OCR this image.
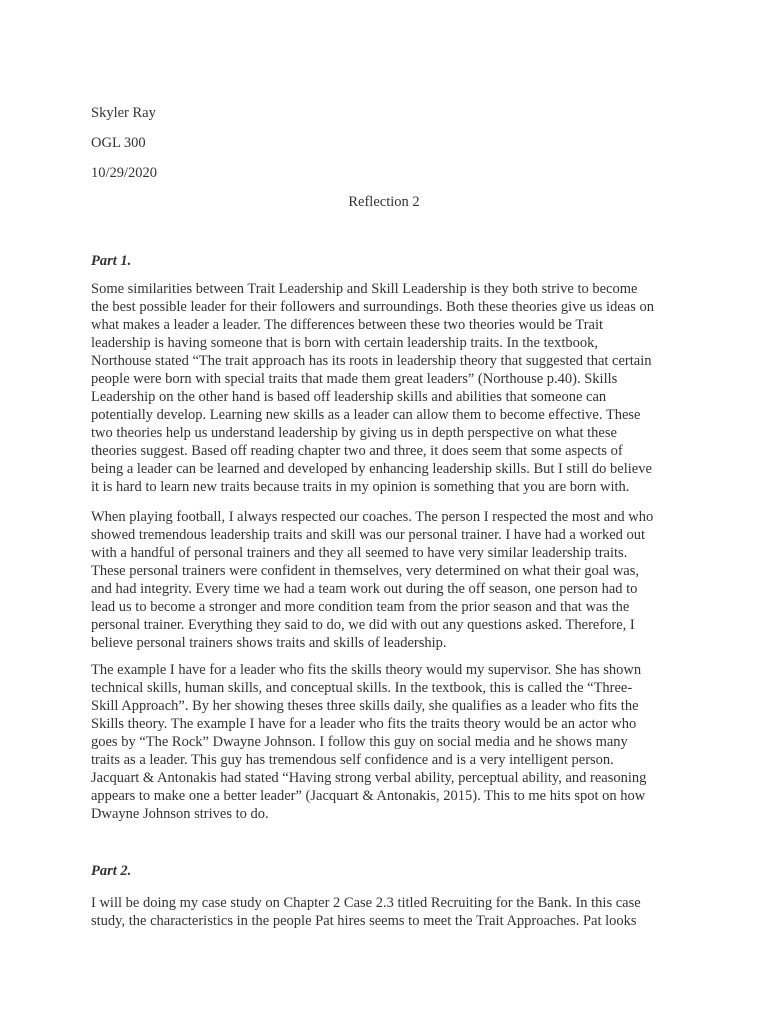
Skyler Ray
OGL 300
10/29/2020
Reflection 2
Part 1.
Some similarities between Trait Leadership and Skill Leadership is they both strive to become
the best possible leader for their followers and surroundings. Both these theories give us ideas on
what makes a leader a leader. The differences between these two theories would be Trait
leadership is having someone that is born with certain leadership traits. In the textbook,
Northouse stated “The trait approach has its roots in leadership theory that suggested that certain
people were born with special traits that made them great leaders” (Northouse p.40). Skills
Leadership on the other hand is based off leadership skills and abilities that someone can
potentially develop. Learning new skills as a leader can allow them to become effective. These
two theories help us understand leadership by giving us in depth perspective on what these
theories suggest. Based off reading chapter two and three, it does seem that some aspects of
being a leader can be learned and developed by enhancing leadership skills. But I still do believe
it is hard to learn new traits because traits in my opinion is something that you are born with.
When playing football, I always respected our coaches. The person I respected the most and who
showed tremendous leadership traits and skill was our personal trainer. I have had a worked out
with a handful of personal trainers and they all seemed to have very similar leadership traits.
These personal trainers were confident in themselves, very determined on what their goal was,
and had integrity. Every time we had a team work out during the off season, one person had to
lead us to become a stronger and more condition team from the prior season and that was the
personal trainer. Everything they said to do, we did with out any questions asked. Therefore, I
believe personal trainers shows traits and skills of leadership.
The example I have for a leader who fits the skills theory would my supervisor. She has shown
technical skills, human skills, and conceptual skills. In the textbook, this is called the “Three-
Skill Approach”. By her showing theses three skills daily, she qualifies as a leader who fits the
Skills theory. The example I have for a leader who fits the traits theory would be an actor who
goes by “The Rock” Dwayne Johnson. I follow this guy on social media and he shows many
traits as a leader. This guy has tremendous self confidence and is a very intelligent person.
Jacquart & Antonakis had stated “Having strong verbal ability, perceptual ability, and reasoning
appears to make one a better leader” (Jacquart & Antonakis, 2015). This to me hits spot on how
Dwayne Johnson strives to do.
Part 2.
I will be doing my case study on Chapter 2 Case 2.3 titled Recruiting for the Bank. In this case
study, the characteristics in the people Pat hires seems to meet the Trait Approaches. Pat looks
